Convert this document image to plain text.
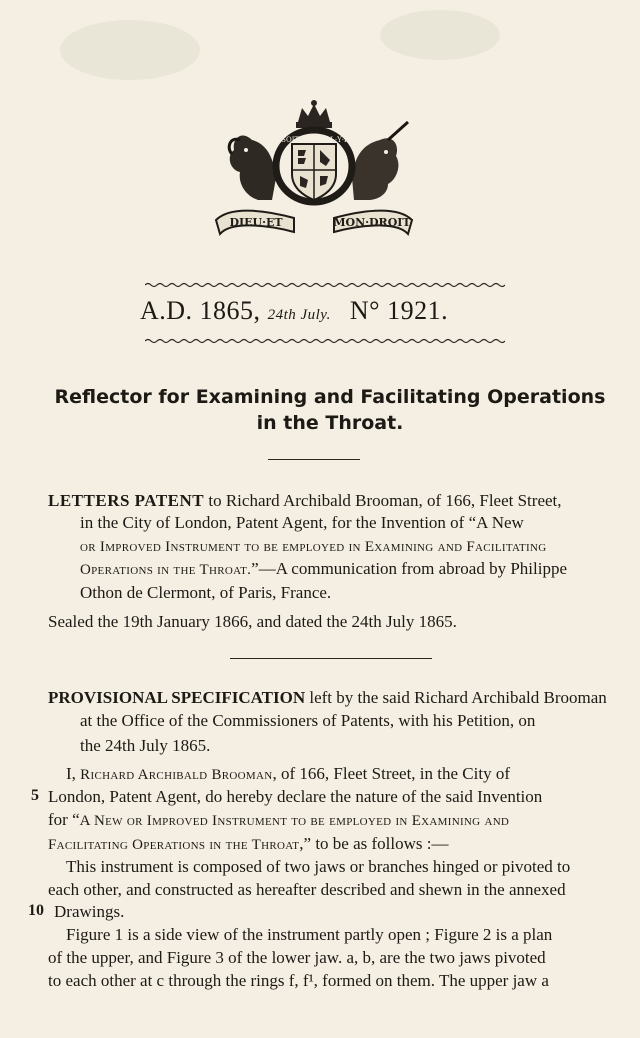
HONI·SOIT·QUI·MAL·Y·PENSE
DIEU·ET	MON·DROIT
A.D. 1865, 24th July. N° 1921.
Reflector for Examining and Facilitating Operations
in the Throat.
LETTERS PATENT to Richard Archibald Brooman, of 166, Fleet Street,
in the City of London, Patent Agent, for the Invention of “A New
or Improved Instrument to be employed in Examining and Facilitating
Operations in the Throat.”—A communication from abroad by Philippe
Othon de Clermont, of Paris, France.
Sealed the 19th January 1866, and dated the 24th July 1865.
PROVISIONAL SPECIFICATION left by the said Richard Archibald Brooman
at the Office of the Commissioners of Patents, with his Petition, on
the 24th July 1865.
I, Richard Archibald Brooman, of 166, Fleet Street, in the City of
5 London, Patent Agent, do hereby declare the nature of the said Invention
for “A New or Improved Instrument to be employed in Examining and
Facilitating Operations in the Throat,” to be as follows :—
This instrument is composed of two jaws or branches hinged or pivoted to
each other, and constructed as hereafter described and shewn in the annexed
10 Drawings.
Figure 1 is a side view of the instrument partly open ; Figure 2 is a plan
of the upper, and Figure 3 of the lower jaw. a, b, are the two jaws pivoted
to each other at c through the rings f, f¹, formed on them. The upper jaw a
